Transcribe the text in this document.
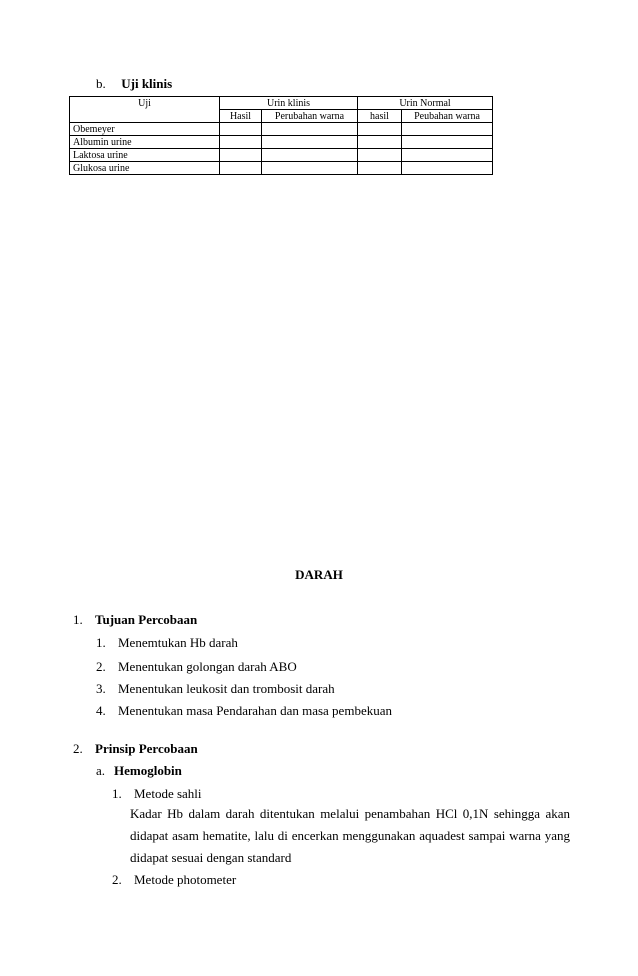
b. Uji klinis
Uji	Urin klinis		Urin Normal	
	Hasil	Perubahan warna	hasil	Peubahan warna
Obemeyer				
Albumin urine				
Laktosa urine				
Glukosa urine				
DARAH
1. Tujuan Percobaan
1. Menemtukan Hb darah
2. Menentukan golongan darah ABO
3. Menentukan leukosit dan trombosit darah
4. Menentukan masa Pendarahan dan masa pembekuan
2. Prinsip Percobaan
a. Hemoglobin
1. Metode sahli
Kadar Hb dalam darah ditentukan melalui penambahan HCl 0,1N sehingga akan didapat asam hematite, lalu di encerkan menggunakan aquadest sampai warna yang didapat sesuai dengan standard
2. Metode photometer
